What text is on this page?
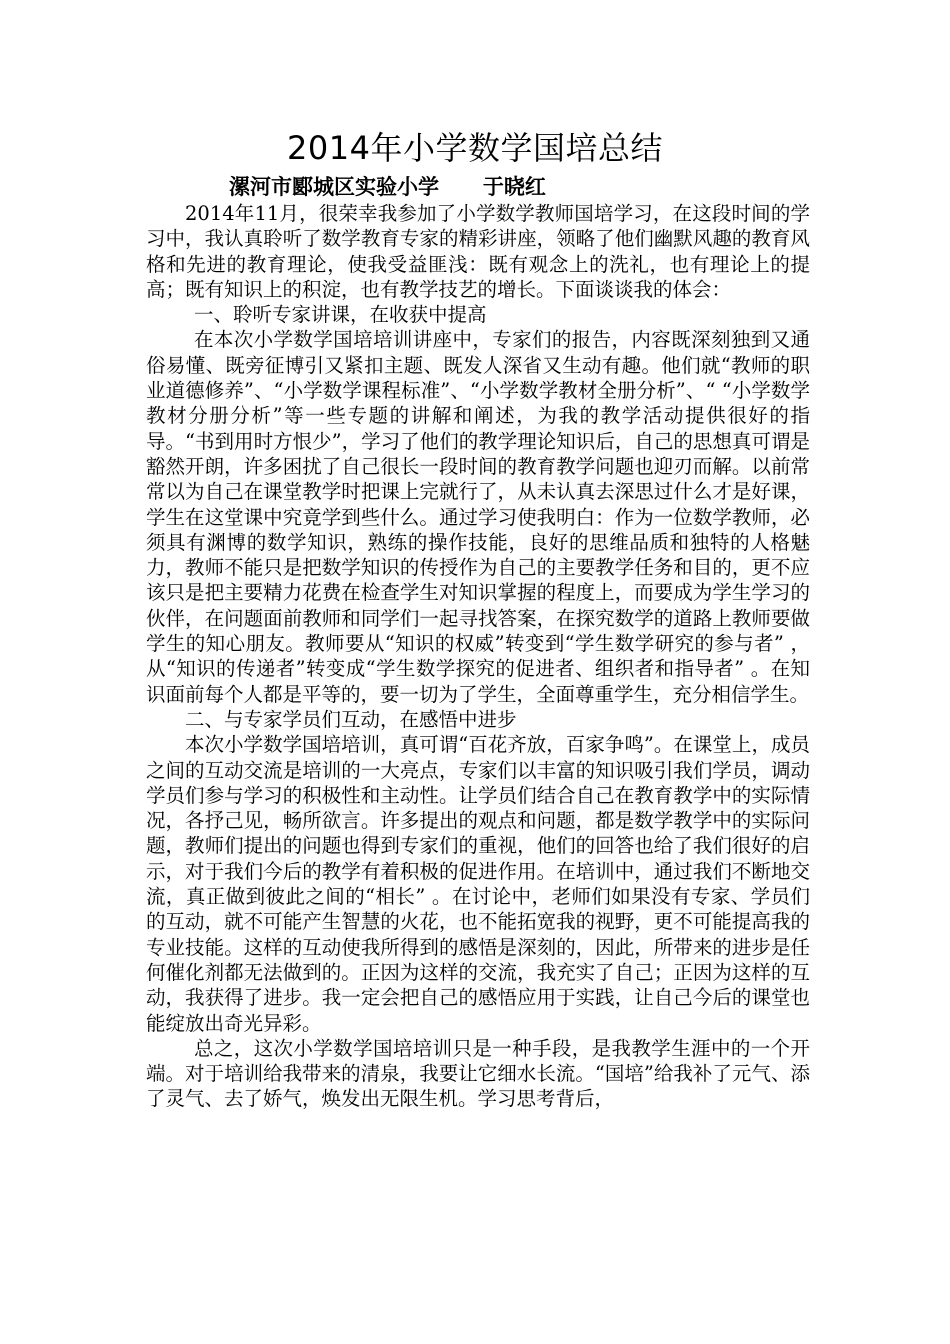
2014年小学数学国培总结
漯河市郾城区实验小学      于晓红

2014年11月，很荣幸我参加了小学数学教师国培学习，在这段时间的学习中，我认真聆听了数学教育专家的精彩讲座，领略了他们幽默风趣的教育风格和先进的教育理论，使我受益匪浅：既有观念上的洗礼，也有理论上的提高；既有知识上的积淀，也有教学技艺的增长。下面谈谈我的体会：

一、聆听专家讲课，在收获中提高

在本次小学数学国培培训讲座中，专家们的报告，内容既深刻独到又通俗易懂、既旁征博引又紧扣主题、既发人深省又生动有趣。他们就“教师的职业道德修养”、“小学数学课程标准”、“小学数学教材全册分析”、“ “小学数学教材分册分析”等一些专题的讲解和阐述，为我的教学活动提供很好的指导。“书到用时方恨少”，学习了他们的教学理论知识后，自己的思想真可谓是豁然开朗，许多困扰了自己很长一段时间的教育教学问题也迎刃而解。以前常常以为自己在课堂教学时把课上完就行了，从未认真去深思过什么才是好课，学生在这堂课中究竟学到些什么。通过学习使我明白：作为一位数学教师，必须具有渊博的数学知识，熟练的操作技能，良好的思维品质和独特的人格魅力，教师不能只是把数学知识的传授作为自己的主要教学任务和目的，更不应该只是把主要精力花费在检查学生对知识掌握的程度上，而要成为学生学习的伙伴，在问题面前教师和同学们一起寻找答案，在探究数学的道路上教师要做学生的知心朋友。教师要从“知识的权威”转变到“学生数学研究的参与者” ，从“知识的传递者”转变成“学生数学探究的促进者、组织者和指导者” 。在知识面前每个人都是平等的，要一切为了学生，全面尊重学生，充分相信学生。

二、与专家学员们互动，在感悟中进步

本次小学数学国培培训，真可谓“百花齐放，百家争鸣”。在课堂上，成员之间的互动交流是培训的一大亮点，专家们以丰富的知识吸引我们学员，调动学员们参与学习的积极性和主动性。让学员们结合自己在教育教学中的实际情况，各抒己见，畅所欲言。许多提出的观点和问题，都是数学教学中的实际问题，教师们提出的问题也得到专家们的重视，他们的回答也给了我们很好的启示，对于我们今后的教学有着积极的促进作用。在培训中，通过我们不断地交流，真正做到彼此之间的“相长” 。在讨论中，老师们如果没有专家、学员们的互动，就不可能产生智慧的火花，也不能拓宽我的视野，更不可能提高我的专业技能。这样的互动使我所得到的感悟是深刻的，因此，所带来的进步是任何催化剂都无法做到的。正因为这样的交流，我充实了自己；正因为这样的互动，我获得了进步。我一定会把自己的感悟应用于实践，让自己今后的课堂也能绽放出奇光异彩。

总之，这次小学数学国培培训只是一种手段，是我教学生涯中的一个开端。对于培训给我带来的清泉，我要让它细水长流。“国培”给我补了元气、添了灵气、去了娇气，焕发出无限生机。学习思考背后，
